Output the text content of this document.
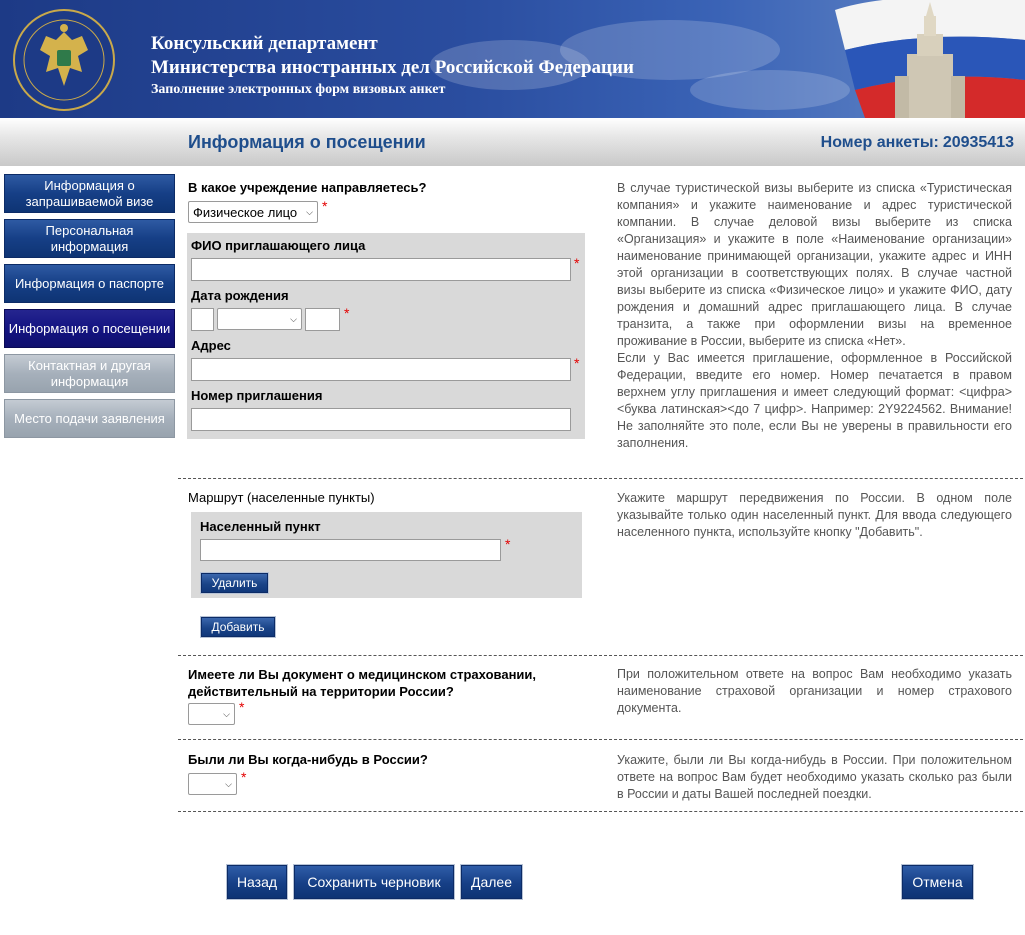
Консульский департамент
Министерства иностранных дел Российской Федерации
Заполнение электронных форм визовых анкет
Информация о посещении	Номер анкеты: 20935413
Информация о запрашиваемой визе
Персональная информация
Информация о паспорте
Информация о посещении
Контактная и другая информация
Место подачи заявления
В какое учреждение направляетесь?
Физическое лицо ⌵ *
ФИО приглашающего лица
*
Дата рождения
⌵	*
Адрес
*
Номер приглашения
В случае туристической визы выберите из списка «Туристическая компания» и укажите наименование и адрес туристической компании. В случае деловой визы выберите из списка «Организация» и укажите в поле «Наименование организации» наименование принимающей организации, укажите адрес и ИНН этой организации в соответствующих полях. В случае частной визы выберите из списка «Физическое лицо» и укажите ФИО, дату рождения и домашний адрес приглашающего лица. В случае транзита, а также при оформлении визы на временное проживание в России, выберите из списка «Нет».
Если у Вас имеется приглашение, оформленное в Российской Федерации, введите его номер. Номер печатается в правом верхнем углу приглашения и имеет следующий формат: <цифра><буква латинская><до 7 цифр>. Например: 2Y9224562. Внимание! Не заполняйте это поле, если Вы не уверены в правильности его заполнения.
Маршрут (населенные пункты)
Населенный пункт
*
Удалить
Добавить
Укажите маршрут передвижения по России. В одном поле указывайте только один населенный пункт. Для ввода следующего населенного пункта, используйте кнопку "Добавить".
Имеете ли Вы документ о медицинском страховании,
действительный на территории России?
⌵ *
При положительном ответе на вопрос Вам необходимо указать наименование страховой организации и номер страхового документа.
Были ли Вы когда-нибудь в России?
⌵ *
Укажите, были ли Вы когда-нибудь в России. При положительном ответе на вопрос Вам будет необходимо указать сколько раз были в России и даты Вашей последней поездки.
Назад	Сохранить черновик	Далее	Отмена
